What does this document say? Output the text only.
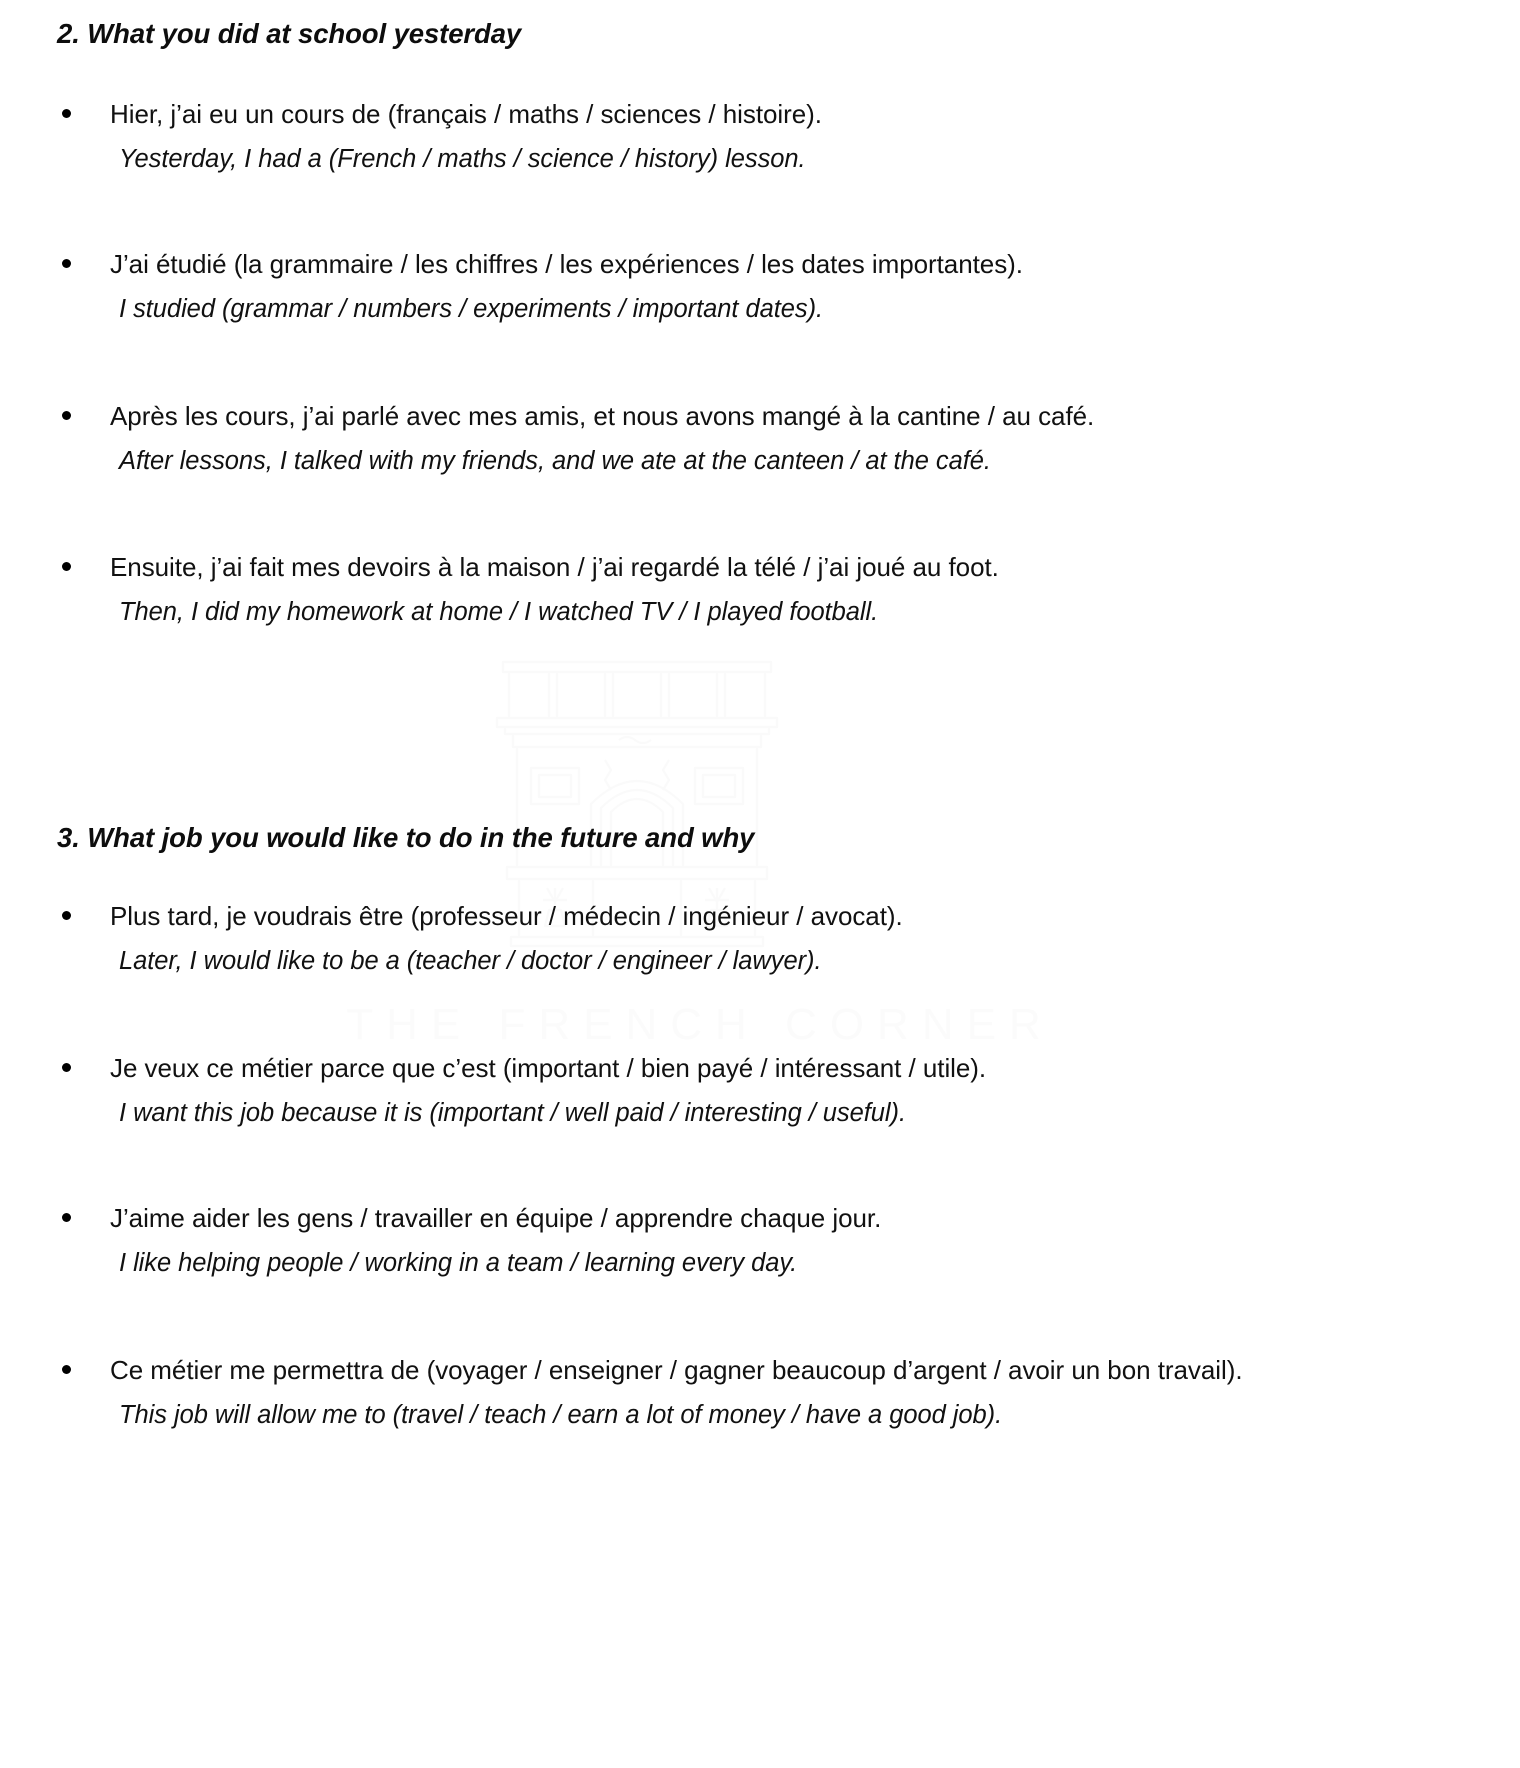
THE FRENCH CORNER
2. What you did at school yesterday
Hier, j’ai eu un cours de (français / maths / sciences / histoire).
Yesterday, I had a (French / maths / science / history) lesson.
J’ai étudié (la grammaire / les chiffres / les expériences / les dates importantes).
I studied (grammar / numbers / experiments / important dates).
Après les cours, j’ai parlé avec mes amis, et nous avons mangé à la cantine / au café.
After lessons, I talked with my friends, and we ate at the canteen / at the café.
Ensuite, j’ai fait mes devoirs à la maison / j’ai regardé la télé / j’ai joué au foot.
Then, I did my homework at home / I watched TV / I played football.
3. What job you would like to do in the future and why
Plus tard, je voudrais être (professeur / médecin / ingénieur / avocat).
Later, I would like to be a (teacher / doctor / engineer / lawyer).
Je veux ce métier parce que c’est (important / bien payé / intéressant / utile).
I want this job because it is (important / well paid / interesting / useful).
J’aime aider les gens / travailler en équipe / apprendre chaque jour.
I like helping people / working in a team / learning every day.
Ce métier me permettra de (voyager / enseigner / gagner beaucoup d’argent / avoir un bon travail).
This job will allow me to (travel / teach / earn a lot of money / have a good job).
